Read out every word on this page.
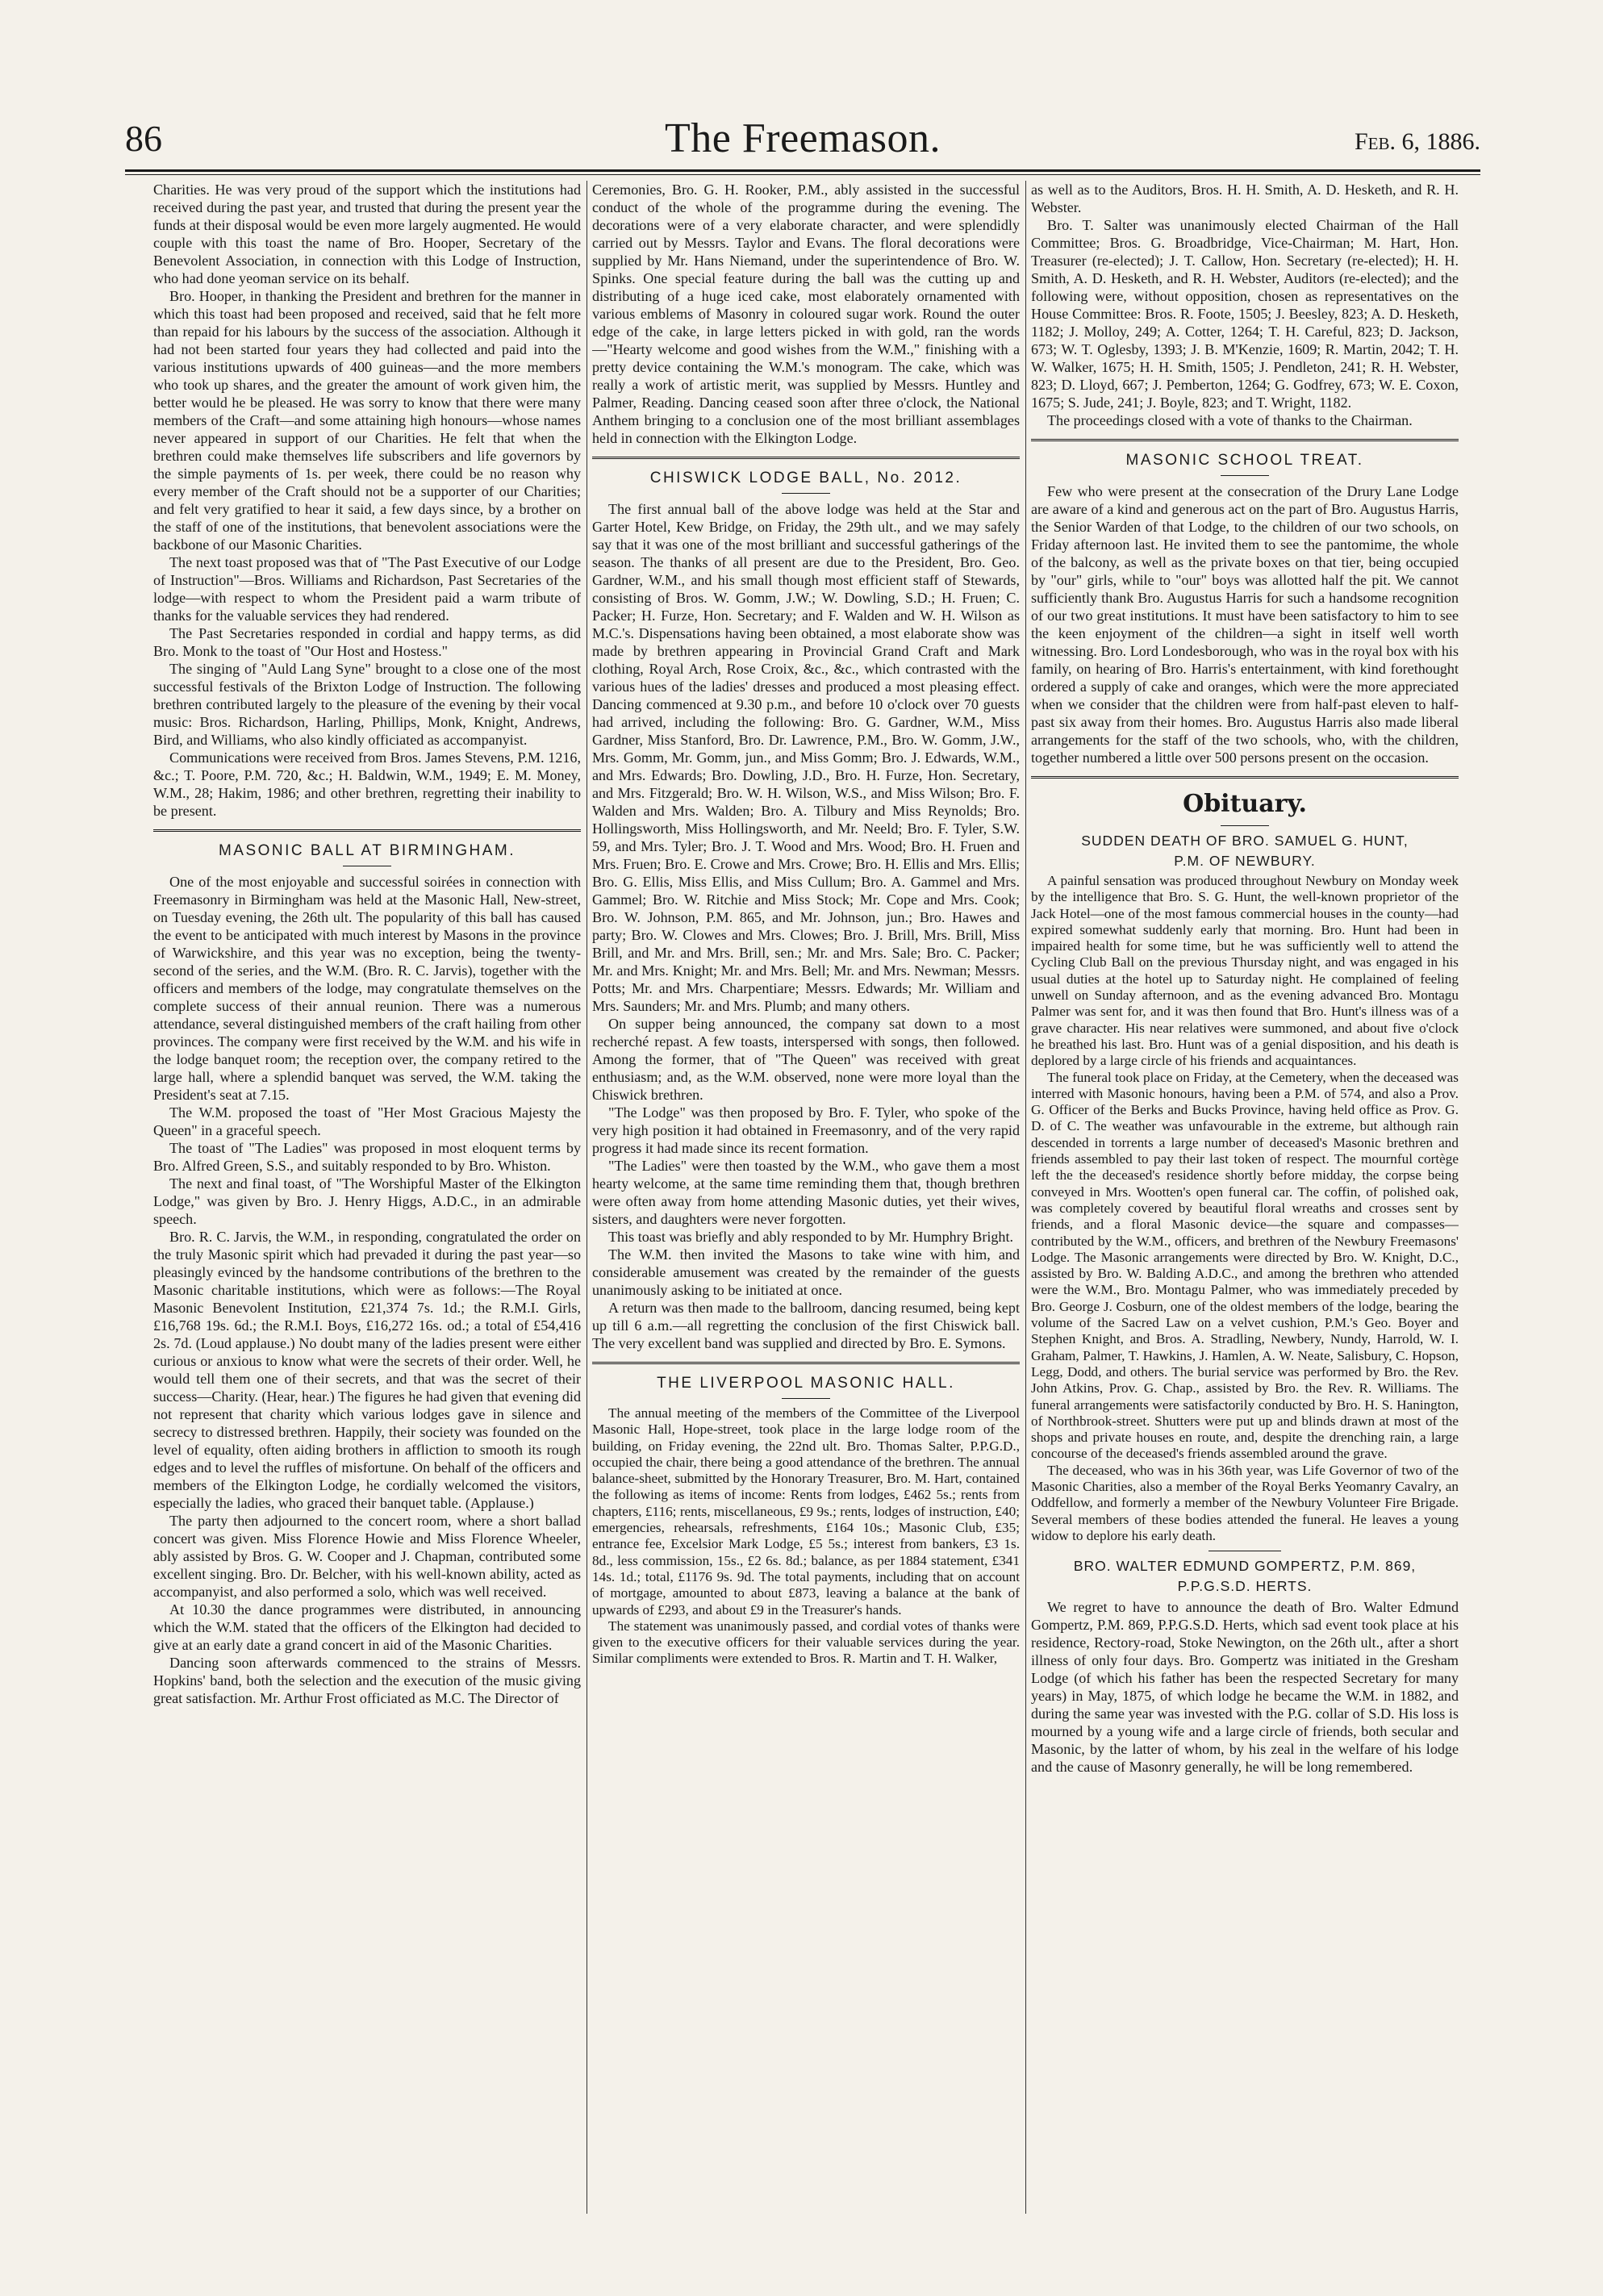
86	The Freemason.	Feb. 6, 1886.

Charities. He was very proud of the support which the institutions had received during the past year, and trusted that during the present year the funds at their disposal would be even more largely augmented. He would couple with this toast the name of Bro. Hooper, Secretary of the Benevolent Association, in connection with this Lodge of Instruction, who had done yeoman service on its behalf.

Bro. Hooper, in thanking the President and brethren for the manner in which this toast had been proposed and received, said that he felt more than repaid for his labours by the success of the association. Although it had not been started four years they had collected and paid into the various institutions upwards of 400 guineas—and the more members who took up shares, and the greater the amount of work given him, the better would he be pleased. He was sorry to know that there were many members of the Craft—and some attaining high honours—whose names never appeared in support of our Charities. He felt that when the brethren could make themselves life subscribers and life governors by the simple payments of 1s. per week, there could be no reason why every member of the Craft should not be a supporter of our Charities; and felt very gratified to hear it said, a few days since, by a brother on the staff of one of the institutions, that benevolent associations were the backbone of our Masonic Charities.

The next toast proposed was that of "The Past Executive of our Lodge of Instruction"—Bros. Williams and Richardson, Past Secretaries of the lodge—with respect to whom the President paid a warm tribute of thanks for the valuable services they had rendered.

The Past Secretaries responded in cordial and happy terms, as did Bro. Monk to the toast of "Our Host and Hostess."

The singing of "Auld Lang Syne" brought to a close one of the most successful festivals of the Brixton Lodge of Instruction. The following brethren contributed largely to the pleasure of the evening by their vocal music: Bros. Richardson, Harling, Phillips, Monk, Knight, Andrews, Bird, and Williams, who also kindly officiated as accompanyist.

Communications were received from Bros. James Stevens, P.M. 1216, &c.; T. Poore, P.M. 720, &c.; H. Baldwin, W.M., 1949; E. M. Money, W.M., 28; Hakim, 1986; and other brethren, regretting their inability to be present.

MASONIC BALL AT BIRMINGHAM.

One of the most enjoyable and successful soirées in connection with Freemasonry in Birmingham was held at the Masonic Hall, New-street, on Tuesday evening, the 26th ult. The popularity of this ball has caused the event to be anticipated with much interest by Masons in the province of Warwickshire, and this year was no exception, being the twenty-second of the series, and the W.M. (Bro. R. C. Jarvis), together with the officers and members of the lodge, may congratulate themselves on the complete success of their annual reunion. There was a numerous attendance, several distinguished members of the craft hailing from other provinces. The company were first received by the W.M. and his wife in the lodge banquet room; the reception over, the company retired to the large hall, where a splendid banquet was served, the W.M. taking the President's seat at 7.15.

The W.M. proposed the toast of "Her Most Gracious Majesty the Queen" in a graceful speech.

The toast of "The Ladies" was proposed in most eloquent terms by Bro. Alfred Green, S.S., and suitably responded to by Bro. Whiston.

The next and final toast, of "The Worshipful Master of the Elkington Lodge," was given by Bro. J. Henry Higgs, A.D.C., in an admirable speech.

Bro. R. C. Jarvis, the W.M., in responding, congratulated the order on the truly Masonic spirit which had prevaded it during the past year—so pleasingly evinced by the handsome contributions of the brethren to the Masonic charitable institutions, which were as follows:—The Royal Masonic Benevolent Institution, £21,374 7s. 1d.; the R.M.I. Girls, £16,768 19s. 6d.; the R.M.I. Boys, £16,272 16s. od.; a total of £54,416 2s. 7d. (Loud applause.) No doubt many of the ladies present were either curious or anxious to know what were the secrets of their order. Well, he would tell them one of their secrets, and that was the secret of their success—Charity. (Hear, hear.) The figures he had given that evening did not represent that charity which various lodges gave in silence and secrecy to distressed brethren. Happily, their society was founded on the level of equality, often aiding brothers in affliction to smooth its rough edges and to level the ruffles of misfortune. On behalf of the officers and members of the Elkington Lodge, he cordially welcomed the visitors, especially the ladies, who graced their banquet table. (Applause.)

The party then adjourned to the concert room, where a short ballad concert was given. Miss Florence Howie and Miss Florence Wheeler, ably assisted by Bros. G. W. Cooper and J. Chapman, contributed some excellent singing. Bro. Dr. Belcher, with his well-known ability, acted as accompanyist, and also performed a solo, which was well received.

At 10.30 the dance programmes were distributed, in announcing which the W.M. stated that the officers of the Elkington had decided to give at an early date a grand concert in aid of the Masonic Charities.

Dancing soon afterwards commenced to the strains of Messrs. Hopkins' band, both the selection and the execution of the music giving great satisfaction. Mr. Arthur Frost officiated as M.C. The Director of

Ceremonies, Bro. G. H. Rooker, P.M., ably assisted in the successful conduct of the whole of the programme during the evening. The decorations were of a very elaborate character, and were splendidly carried out by Messrs. Taylor and Evans. The floral decorations were supplied by Mr. Hans Niemand, under the superintendence of Bro. W. Spinks. One special feature during the ball was the cutting up and distributing of a huge iced cake, most elaborately ornamented with various emblems of Masonry in coloured sugar work. Round the outer edge of the cake, in large letters picked in with gold, ran the words—"Hearty welcome and good wishes from the W.M.," finishing with a pretty device containing the W.M.'s monogram. The cake, which was really a work of artistic merit, was supplied by Messrs. Huntley and Palmer, Reading. Dancing ceased soon after three o'clock, the National Anthem bringing to a conclusion one of the most brilliant assemblages held in connection with the Elkington Lodge.

CHISWICK LODGE BALL, No. 2012.

The first annual ball of the above lodge was held at the Star and Garter Hotel, Kew Bridge, on Friday, the 29th ult., and we may safely say that it was one of the most brilliant and successful gatherings of the season. The thanks of all present are due to the President, Bro. Geo. Gardner, W.M., and his small though most efficient staff of Stewards, consisting of Bros. W. Gomm, J.W.; W. Dowling, S.D.; H. Fruen; C. Packer; H. Furze, Hon. Secretary; and F. Walden and W. H. Wilson as M.C.'s. Dispensations having been obtained, a most elaborate show was made by brethren appearing in Provincial Grand Craft and Mark clothing, Royal Arch, Rose Croix, &c., &c., which contrasted with the various hues of the ladies' dresses and produced a most pleasing effect. Dancing commenced at 9.30 p.m., and before 10 o'clock over 70 guests had arrived, including the following: Bro. G. Gardner, W.M., Miss Gardner, Miss Stanford, Bro. Dr. Lawrence, P.M., Bro. W. Gomm, J.W., Mrs. Gomm, Mr. Gomm, jun., and Miss Gomm; Bro. J. Edwards, W.M., and Mrs. Edwards; Bro. Dowling, J.D., Bro. H. Furze, Hon. Secretary, and Mrs. Fitzgerald; Bro. W. H. Wilson, W.S., and Miss Wilson; Bro. F. Walden and Mrs. Walden; Bro. A. Tilbury and Miss Reynolds; Bro. Hollingsworth, Miss Hollingsworth, and Mr. Neeld; Bro. F. Tyler, S.W. 59, and Mrs. Tyler; Bro. J. T. Wood and Mrs. Wood; Bro. H. Fruen and Mrs. Fruen; Bro. E. Crowe and Mrs. Crowe; Bro. H. Ellis and Mrs. Ellis; Bro. G. Ellis, Miss Ellis, and Miss Cullum; Bro. A. Gammel and Mrs. Gammel; Bro. W. Ritchie and Miss Stock; Mr. Cope and Mrs. Cook; Bro. W. Johnson, P.M. 865, and Mr. Johnson, jun.; Bro. Hawes and party; Bro. W. Clowes and Mrs. Clowes; Bro. J. Brill, Mrs. Brill, Miss Brill, and Mr. and Mrs. Brill, sen.; Mr. and Mrs. Sale; Bro. C. Packer; Mr. and Mrs. Knight; Mr. and Mrs. Bell; Mr. and Mrs. Newman; Messrs. Potts; Mr. and Mrs. Charpentiare; Messrs. Edwards; Mr. William and Mrs. Saunders; Mr. and Mrs. Plumb; and many others.

On supper being announced, the company sat down to a most recherché repast. A few toasts, interspersed with songs, then followed. Among the former, that of "The Queen" was received with great enthusiasm; and, as the W.M. observed, none were more loyal than the Chiswick brethren.

"The Lodge" was then proposed by Bro. F. Tyler, who spoke of the very high position it had obtained in Freemasonry, and of the very rapid progress it had made since its recent formation.

"The Ladies" were then toasted by the W.M., who gave them a most hearty welcome, at the same time reminding them that, though brethren were often away from home attending Masonic duties, yet their wives, sisters, and daughters were never forgotten.

This toast was briefly and ably responded to by Mr. Humphry Bright.

The W.M. then invited the Masons to take wine with him, and considerable amusement was created by the remainder of the guests unanimously asking to be initiated at once.

A return was then made to the ballroom, dancing resumed, being kept up till 6 a.m.—all regretting the conclusion of the first Chiswick ball. The very excellent band was supplied and directed by Bro. E. Symons.

THE LIVERPOOL MASONIC HALL.

The annual meeting of the members of the Committee of the Liverpool Masonic Hall, Hope-street, took place in the large lodge room of the building, on Friday evening, the 22nd ult. Bro. Thomas Salter, P.P.G.D., occupied the chair, there being a good attendance of the brethren. The annual balance-sheet, submitted by the Honorary Treasurer, Bro. M. Hart, contained the following as items of income: Rents from lodges, £462 5s.; rents from chapters, £116; rents, miscellaneous, £9 9s.; rents, lodges of instruction, £40; emergencies, rehearsals, refreshments, £164 10s.; Masonic Club, £35; entrance fee, Excelsior Mark Lodge, £5 5s.; interest from bankers, £3 1s. 8d., less commission, 15s., £2 6s. 8d.; balance, as per 1884 statement, £341 14s. 1d.; total, £1176 9s. 9d. The total payments, including that on account of mortgage, amounted to about £873, leaving a balance at the bank of upwards of £293, and about £9 in the Treasurer's hands.

The statement was unanimously passed, and cordial votes of thanks were given to the executive officers for their valuable services during the year. Similar compliments were extended to Bros. R. Martin and T. H. Walker,

as well as to the Auditors, Bros. H. H. Smith, A. D. Hesketh, and R. H. Webster.

Bro. T. Salter was unanimously elected Chairman of the Hall Committee; Bros. G. Broadbridge, Vice-Chairman; M. Hart, Hon. Treasurer (re-elected); J. T. Callow, Hon. Secretary (re-elected); H. H. Smith, A. D. Hesketh, and R. H. Webster, Auditors (re-elected); and the following were, without opposition, chosen as representatives on the House Committee: Bros. R. Foote, 1505; J. Beesley, 823; A. D. Hesketh, 1182; J. Molloy, 249; A. Cotter, 1264; T. H. Careful, 823; D. Jackson, 673; W. T. Oglesby, 1393; J. B. M'Kenzie, 1609; R. Martin, 2042; T. H. W. Walker, 1675; H. H. Smith, 1505; J. Pendleton, 241; R. H. Webster, 823; D. Lloyd, 667; J. Pemberton, 1264; G. Godfrey, 673; W. E. Coxon, 1675; S. Jude, 241; J. Boyle, 823; and T. Wright, 1182.

The proceedings closed with a vote of thanks to the Chairman.

MASONIC SCHOOL TREAT.

Few who were present at the consecration of the Drury Lane Lodge are aware of a kind and generous act on the part of Bro. Augustus Harris, the Senior Warden of that Lodge, to the children of our two schools, on Friday afternoon last. He invited them to see the pantomime, the whole of the balcony, as well as the private boxes on that tier, being occupied by "our" girls, while to "our" boys was allotted half the pit. We cannot sufficiently thank Bro. Augustus Harris for such a handsome recognition of our two great institutions. It must have been satisfactory to him to see the keen enjoyment of the children—a sight in itself well worth witnessing. Bro. Lord Londesborough, who was in the royal box with his family, on hearing of Bro. Harris's entertainment, with kind forethought ordered a supply of cake and oranges, which were the more appreciated when we consider that the children were from half-past eleven to half-past six away from their homes. Bro. Augustus Harris also made liberal arrangements for the staff of the two schools, who, with the children, together numbered a little over 500 persons present on the occasion.

Obituary.
SUDDEN DEATH OF BRO. SAMUEL G. HUNT,
P.M. OF NEWBURY.

A painful sensation was produced throughout Newbury on Monday week by the intelligence that Bro. S. G. Hunt, the well-known proprietor of the Jack Hotel—one of the most famous commercial houses in the county—had expired somewhat suddenly early that morning. Bro. Hunt had been in impaired health for some time, but he was sufficiently well to attend the Cycling Club Ball on the previous Thursday night, and was engaged in his usual duties at the hotel up to Saturday night. He complained of feeling unwell on Sunday afternoon, and as the evening advanced Bro. Montagu Palmer was sent for, and it was then found that Bro. Hunt's illness was of a grave character. His near relatives were summoned, and about five o'clock he breathed his last. Bro. Hunt was of a genial disposition, and his death is deplored by a large circle of his friends and acquaintances.

The funeral took place on Friday, at the Cemetery, when the deceased was interred with Masonic honours, having been a P.M. of 574, and also a Prov. G. Officer of the Berks and Bucks Province, having held office as Prov. G. D. of C. The weather was unfavourable in the extreme, but although rain descended in torrents a large number of deceased's Masonic brethren and friends assembled to pay their last token of respect. The mournful cortège left the the deceased's residence shortly before midday, the corpse being conveyed in Mrs. Wootten's open funeral car. The coffin, of polished oak, was completely covered by beautiful floral wreaths and crosses sent by friends, and a floral Masonic device—the square and compasses—contributed by the W.M., officers, and brethren of the Newbury Freemasons' Lodge. The Masonic arrangements were directed by Bro. W. Knight, D.C., assisted by Bro. W. Balding A.D.C., and among the brethren who attended were the W.M., Bro. Montagu Palmer, who was immediately preceded by Bro. George J. Cosburn, one of the oldest members of the lodge, bearing the volume of the Sacred Law on a velvet cushion, P.M.'s Geo. Boyer and Stephen Knight, and Bros. A. Stradling, Newbery, Nundy, Harrold, W. I. Graham, Palmer, T. Hawkins, J. Hamlen, A. W. Neate, Salisbury, C. Hopson, Legg, Dodd, and others. The burial service was performed by Bro. the Rev. John Atkins, Prov. G. Chap., assisted by Bro. the Rev. R. Williams. The funeral arrangements were satisfactorily conducted by Bro. H. S. Hanington, of Northbrook-street. Shutters were put up and blinds drawn at most of the shops and private houses en route, and, despite the drenching rain, a large concourse of the deceased's friends assembled around the grave.

The deceased, who was in his 36th year, was Life Governor of two of the Masonic Charities, also a member of the Royal Berks Yeomanry Cavalry, an Oddfellow, and formerly a member of the Newbury Volunteer Fire Brigade. Several members of these bodies attended the funeral. He leaves a young widow to deplore his early death.

BRO. WALTER EDMUND GOMPERTZ, P.M. 869,
P.P.G.S.D. HERTS.

We regret to have to announce the death of Bro. Walter Edmund Gompertz, P.M. 869, P.P.G.S.D. Herts, which sad event took place at his residence, Rectory-road, Stoke Newington, on the 26th ult., after a short illness of only four days. Bro. Gompertz was initiated in the Gresham Lodge (of which his father has been the respected Secretary for many years) in May, 1875, of which lodge he became the W.M. in 1882, and during the same year was invested with the P.G. collar of S.D. His loss is mourned by a young wife and a large circle of friends, both secular and Masonic, by the latter of whom, by his zeal in the welfare of his lodge and the cause of Masonry generally, he will be long remembered.
